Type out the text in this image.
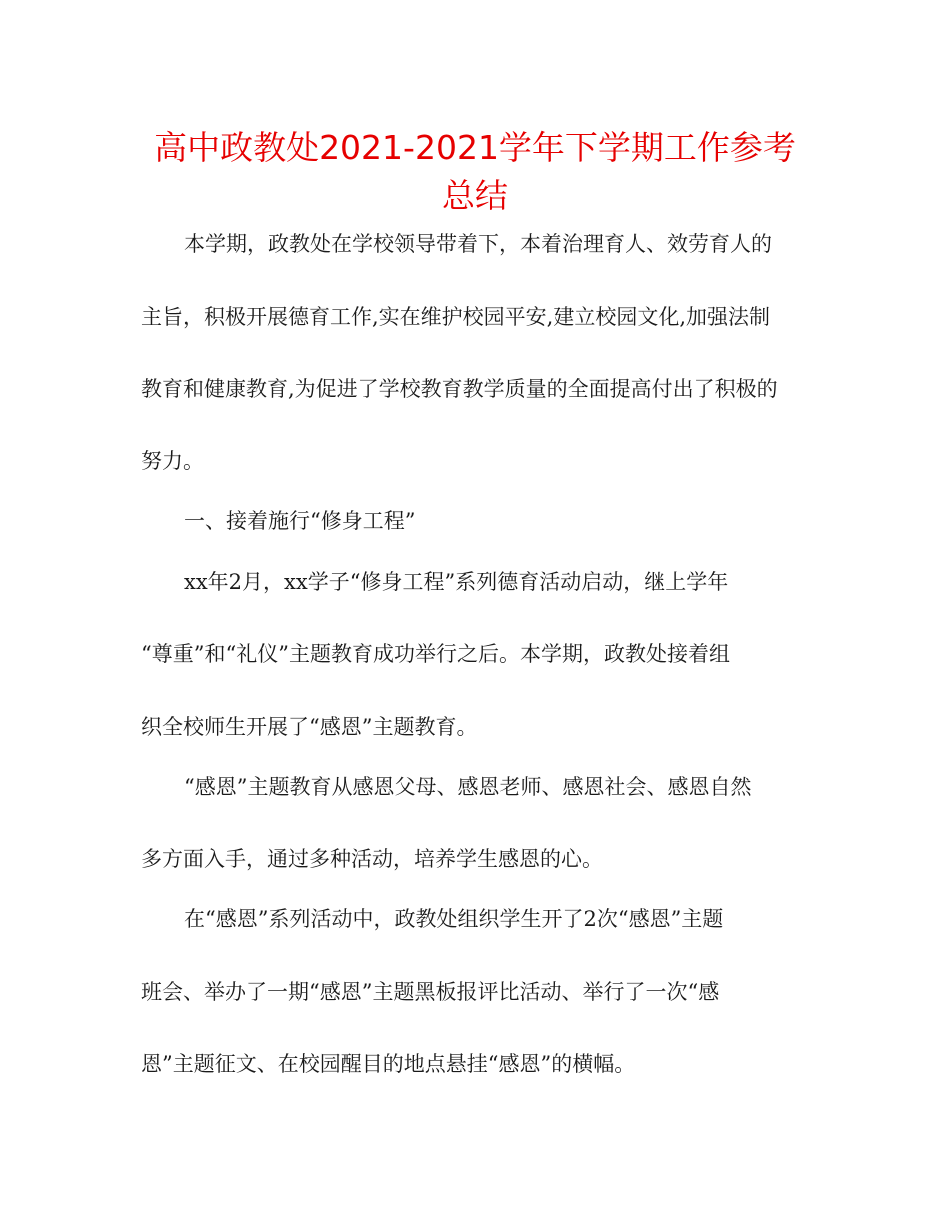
高中政教处2021-2021学年下学期工作参考总结

本学期，政教处在学校领导带着下，本着治理育人、效劳育人的

主旨，积极开展德育工作,实在维护校园平安,建立校园文化,加强法制

教育和健康教育,为促进了学校教育教学质量的全面提高付出了积极的

努力。

一、接着施行“修身工程”

xx年2月，xx学子“修身工程”系列德育活动启动，继上学年

“尊重”和“礼仪”主题教育成功举行之后。本学期，政教处接着组

织全校师生开展了“感恩”主题教育。

“感恩”主题教育从感恩父母、感恩老师、感恩社会、感恩自然

多方面入手，通过多种活动，培养学生感恩的心。

在“感恩”系列活动中，政教处组织学生开了2次“感恩”主题

班会、举办了一期“感恩”主题黑板报评比活动、举行了一次“感

恩”主题征文、在校园醒目的地点悬挂“感恩”的横幅。
